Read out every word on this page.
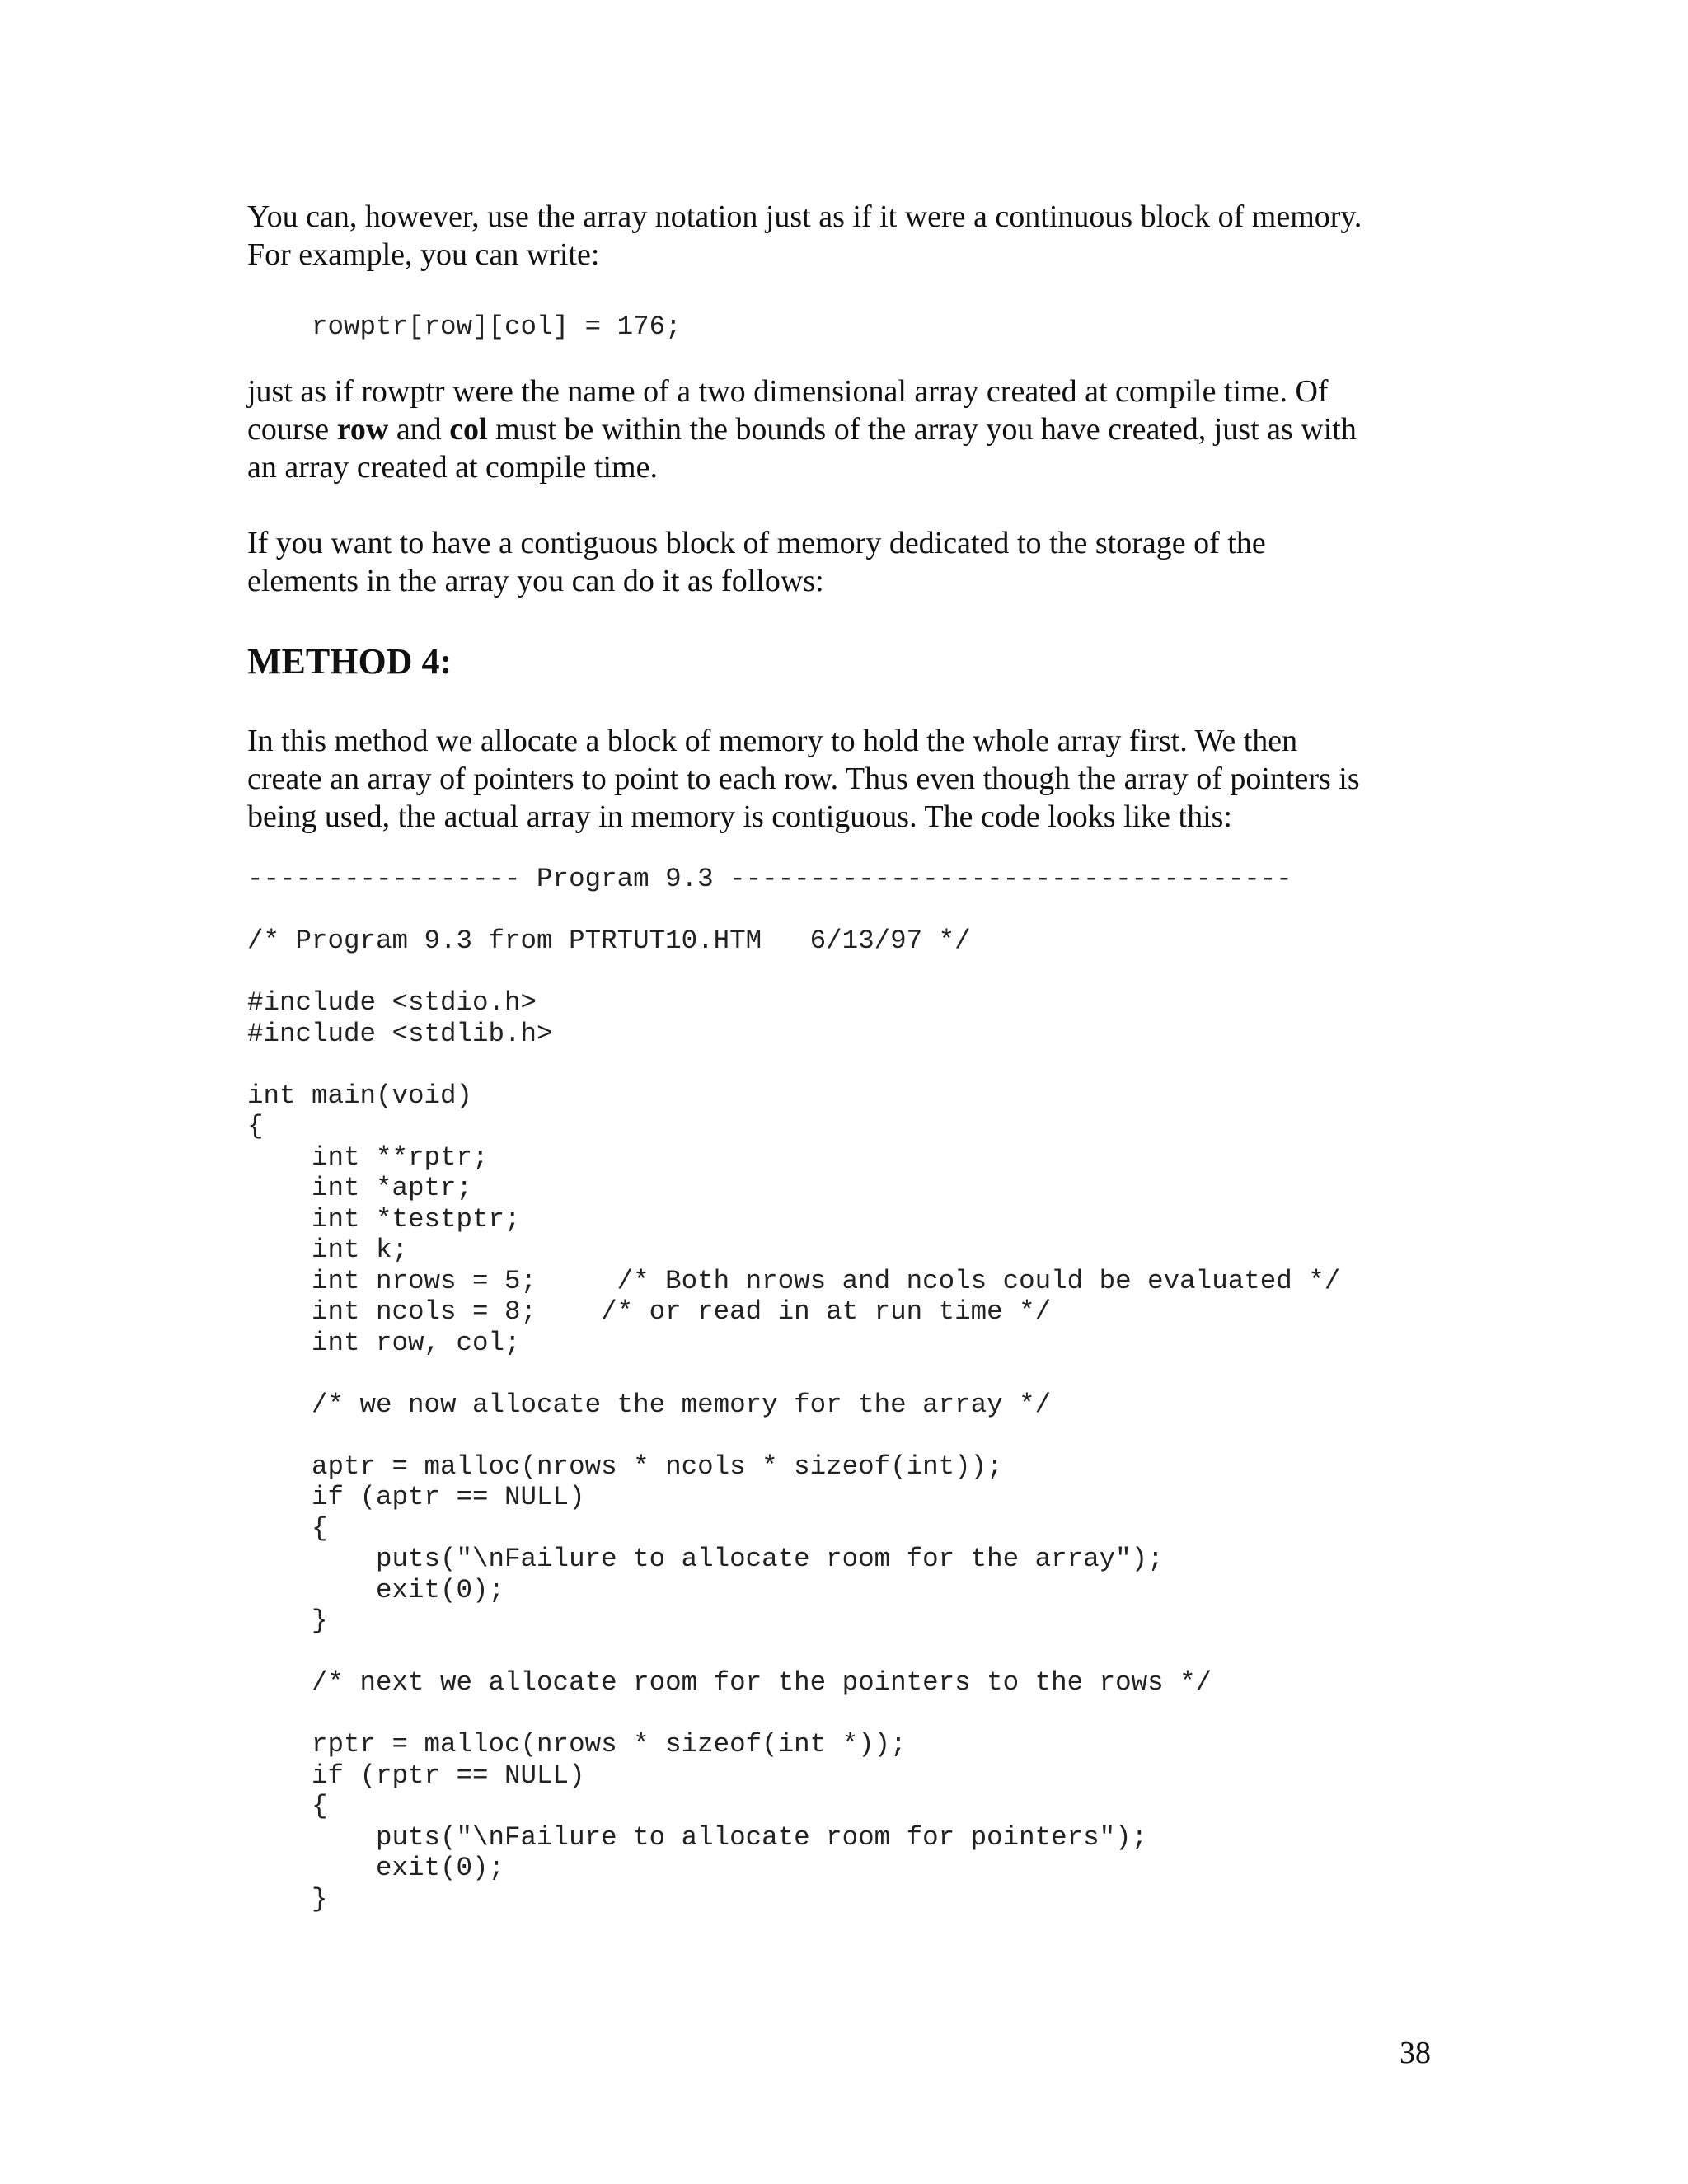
You can, however, use the array notation just as if it were a continuous block of memory.
For example, you can write:
rowptr[row][col] = 176;
just as if rowptr were the name of a two dimensional array created at compile time. Of
course row and col must be within the bounds of the array you have created, just as with
an array created at compile time.
If you want to have a contiguous block of memory dedicated to the storage of the
elements in the array you can do it as follows:
METHOD 4:
In this method we allocate a block of memory to hold the whole array first. We then
create an array of pointers to point to each row. Thus even though the array of pointers is
being used, the actual array in memory is contiguous. The code looks like this:
----------------- Program 9.3 -----------------------------------
/* Program 9.3 from PTRTUT10.HTM   6/13/97 */
#include <stdio.h>
#include <stdlib.h>
int main(void)
{
int **rptr;
int *aptr;
int *testptr;
int k;
int nrows = 5;     /* Both nrows and ncols could be evaluated */
int ncols = 8;    /* or read in at run time */
int row, col;
/* we now allocate the memory for the array */
aptr = malloc(nrows * ncols * sizeof(int));
if (aptr == NULL)
{
puts("\nFailure to allocate room for the array");
exit(0);
}
/* next we allocate room for the pointers to the rows */
rptr = malloc(nrows * sizeof(int *));
if (rptr == NULL)
{
puts("\nFailure to allocate room for pointers");
exit(0);
}
38
